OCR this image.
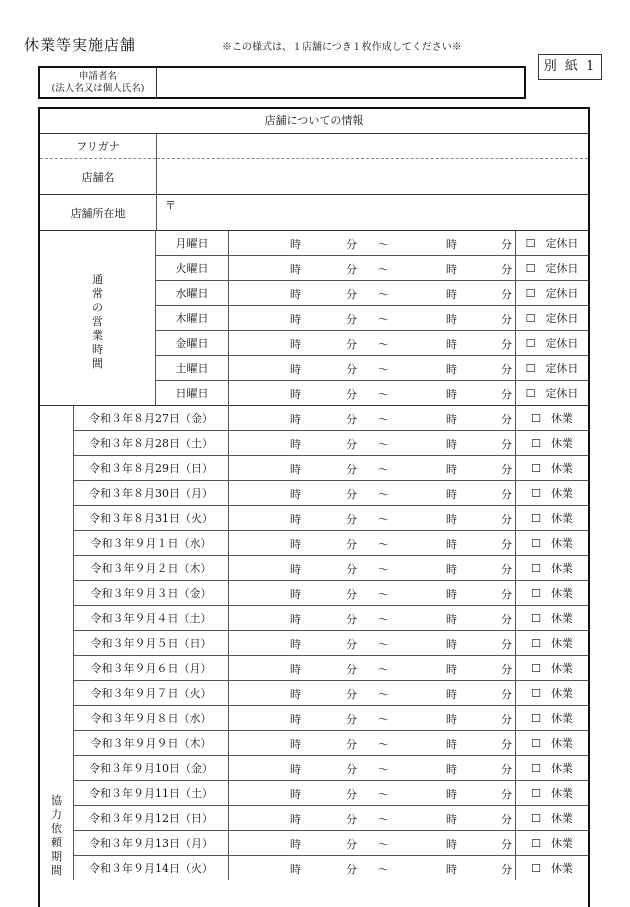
休業等実施店舗	※この様式は、１店舗につき１枚作成してください※
別 紙 1
申請者名
(法人名又は個人氏名)
店舗についての情報
フリガナ
店舗名
店舗所在地
〒
通
常
の
営
業
時
間
月曜日	時	分 〜	時	分 ☐ 定休日
火曜日	時	分 〜	時	分 ☐ 定休日
水曜日	時	分 〜	時	分 ☐ 定休日
木曜日	時	分 〜	時	分 ☐ 定休日
金曜日	時	分 〜	時	分 ☐ 定休日
土曜日	時	分 〜	時	分 ☐ 定休日
日曜日	時	分 〜	時	分 ☐ 定休日
協
力
依
頼
期
間
令和３年８月27日（金）	時	分 〜	時	分 ☐ 休業
令和３年８月28日（土）	時	分 〜	時	分 ☐ 休業
令和３年８月29日（日）	時	分 〜	時	分 ☐ 休業
令和３年８月30日（月）	時	分 〜	時	分 ☐ 休業
令和３年８月31日（火）	時	分 〜	時	分 ☐ 休業
令和３年９月１日（水）	時	分 〜	時	分 ☐ 休業
令和３年９月２日（木）	時	分 〜	時	分 ☐ 休業
令和３年９月３日（金）	時	分 〜	時	分 ☐ 休業
令和３年９月４日（土）	時	分 〜	時	分 ☐ 休業
令和３年９月５日（日）	時	分 〜	時	分 ☐ 休業
令和３年９月６日（月）	時	分 〜	時	分 ☐ 休業
令和３年９月７日（火）	時	分 〜	時	分 ☐ 休業
令和３年９月８日（水）	時	分 〜	時	分 ☐ 休業
令和３年９月９日（木）	時	分 〜	時	分 ☐ 休業
令和３年９月10日（金）	時	分 〜	時	分 ☐ 休業
令和３年９月11日（土）	時	分 〜	時	分 ☐ 休業
令和３年９月12日（日）	時	分 〜	時	分 ☐ 休業
令和３年９月13日（月）	時	分 〜	時	分 ☐ 休業
令和３年９月14日（火）	時	分 〜	時	分 ☐ 休業
